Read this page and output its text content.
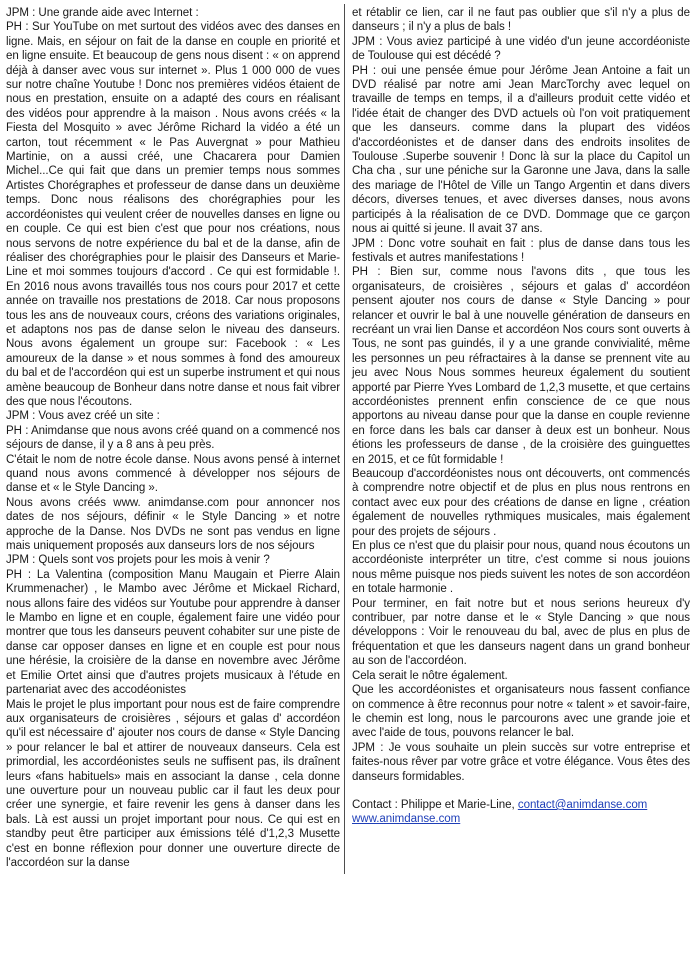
JPM : Une grande aide avec Internet :

PH : Sur YouTube on met surtout des vidéos avec des danses en ligne. Mais, en séjour on fait de la danse en couple en priorité et en ligne ensuite. Et beaucoup de gens nous disent : « on apprend déjà à danser avec vous sur internet ». Plus 1 000 000 de vues sur notre chaîne Youtube ! Donc nos premières vidéos étaient de nous en prestation, ensuite on a adapté des cours en réalisant des vidéos pour apprendre à la maison . Nous avons créés « la Fiesta del Mosquito » avec Jérôme Richard la vidéo a été un carton, tout récemment « le Pas Auvergnat » pour Mathieu Martinie, on a aussi créé, une Chacarera pour Damien Michel...Ce qui fait que dans un premier temps nous sommes Artistes Chorégraphes et professeur de danse dans un deuxième temps. Donc nous réalisons des chorégraphies pour les accordéonistes qui veulent créer de nouvelles danses en ligne ou en couple. Ce qui est bien c'est que pour nos créations, nous nous servons de notre expérience du bal et de la danse, afin de réaliser des chorégraphies pour le plaisir des Danseurs et Marie-Line et moi sommes toujours d'accord . Ce qui est formidable !. En 2016 nous avons travaillés tous nos cours pour 2017 et cette année on travaille nos prestations de 2018. Car nous proposons tous les ans de nouveaux cours, créons des variations originales, et adaptons nos pas de danse selon le niveau des danseurs. Nous avons également un groupe sur: Facebook : « Les amoureux de la danse » et nous sommes à fond des amoureux du bal et de l'accordéon qui est un superbe instrument et qui nous amène beaucoup de Bonheur dans notre danse et nous fait vibrer des que nous l'écoutons.

JPM : Vous avez créé un site :

PH : Animdanse que nous avons créé quand on a commencé nos séjours de danse, il y a 8 ans à peu près.

C'était le nom de notre école danse. Nous avons pensé à internet quand nous avons commencé à développer nos séjours de danse et « le Style Dancing ».

Nous avons créés www. animdanse.com pour annoncer nos dates de nos séjours, définir « le Style Dancing » et notre approche de la Danse. Nos DVDs ne sont pas vendus en ligne mais uniquement proposés aux danseurs lors de nos séjours

JPM : Quels sont vos projets pour les mois à venir ?

PH : La Valentina (composition Manu Maugain et Pierre Alain Krummenacher) , le Mambo avec Jérôme et Mickael Richard, nous allons faire des vidéos sur Youtube pour apprendre à danser le Mambo en ligne et en couple, également faire une vidéo pour montrer que tous les danseurs peuvent cohabiter sur une piste de danse car opposer danses en ligne et en couple est pour nous une hérésie, la croisière de la danse en novembre avec Jérôme et Emilie Ortet ainsi que d'autres projets musicaux à l'étude en partenariat avec des accodéonistes

Mais le projet le plus important pour nous est de faire comprendre aux organisateurs de croisières , séjours et galas d' accordéon qu'il est nécessaire d' ajouter nos cours de danse « Style Dancing » pour relancer le bal et attirer de nouveaux danseurs. Cela est primordial, les accordéonistes seuls ne suffisent pas, ils draînent leurs «fans habituels» mais en associant la danse , cela donne une ouverture pour un nouveau public car il faut les deux pour créer une synergie, et faire revenir les gens à danser dans les bals. Là est aussi un projet important pour nous. Ce qui est en standby peut être participer aux émissions télé d'1,2,3 Musette c'est en bonne réflexion pour donner une ouverture directe de l'accordéon sur la danse

et rétablir ce lien, car il ne faut pas oublier que s'il n'y a plus de danseurs ; il n'y a plus de bals !

JPM : Vous aviez participé à une vidéo d'un jeune accordéoniste de Toulouse qui est décédé ?

PH : oui une pensée émue pour Jérôme Jean Antoine a fait un DVD réalisé par notre ami Jean MarcTorchy avec lequel on travaille de temps en temps, il a d'ailleurs produit cette vidéo et l'idée était de changer des DVD actuels où l'on voit pratiquement que les danseurs. comme dans la plupart des vidéos d'accordéonistes et de danser dans des endroits insolites de Toulouse .Superbe souvenir ! Donc là sur la place du Capitol un Cha cha , sur une péniche sur la Garonne une Java, dans la salle des mariage de l'Hôtel de Ville un Tango Argentin et dans divers décors, diverses tenues, et avec diverses danses, nous avons participés à la réalisation de ce DVD. Dommage que ce garçon nous ai quitté si jeune. Il avait 37 ans.

JPM : Donc votre souhait en fait : plus de danse dans tous les festivals et autres manifestations !

PH : Bien sur, comme nous l'avons dits , que tous les organisateurs, de croisières , séjours et galas d' accordéon pensent ajouter nos cours de danse « Style Dancing » pour relancer et ouvrir le bal à une nouvelle génération de danseurs en recréant un vrai lien Danse et accordéon Nos cours sont ouverts à Tous, ne sont pas guindés, il y a une grande convivialité, même les personnes un peu réfractaires à la danse se prennent vite au jeu avec Nous Nous sommes heureux également du soutient apporté par Pierre Yves Lombard de 1,2,3 musette, et que certains accordéonistes prennent enfin conscience de ce que nous apportons au niveau danse pour que la danse en couple revienne en force dans les bals car danser à deux est un bonheur. Nous étions les professeurs de danse , de la croisière des guinguettes en 2015, et ce fût formidable !

Beaucoup d'accordéonistes nous ont découverts, ont commencés à comprendre notre objectif et de plus en plus nous rentrons en contact avec eux pour des créations de danse en ligne , création également de nouvelles rythmiques musicales, mais également pour des projets de séjours .

En plus ce n'est que du plaisir pour nous, quand nous écoutons un accordéoniste interpréter un titre, c'est comme si nous jouions nous même puisque nos pieds suivent les notes de son accordéon en totale harmonie .

Pour terminer, en fait notre but et nous serions heureux d'y contribuer, par notre danse et le « Style Dancing » que nous développons : Voir le renouveau du bal, avec de plus en plus de fréquentation et que les danseurs nagent dans un grand bonheur au son de l'accordéon.

Cela serait le nôtre également.

Que les accordéonistes et organisateurs nous fassent confiance on commence à être reconnus pour notre « talent » et savoir-faire, le chemin est long, nous le parcourons avec une grande joie et avec l'aide de tous, pouvons relancer le bal.

JPM : Je vous souhaite un plein succès sur votre entreprise et faites-nous rêver par votre grâce et votre élégance. Vous êtes des danseurs formidables.

Contact : Philippe et Marie-Line, contact@animdanse.com
www.animdanse.com
